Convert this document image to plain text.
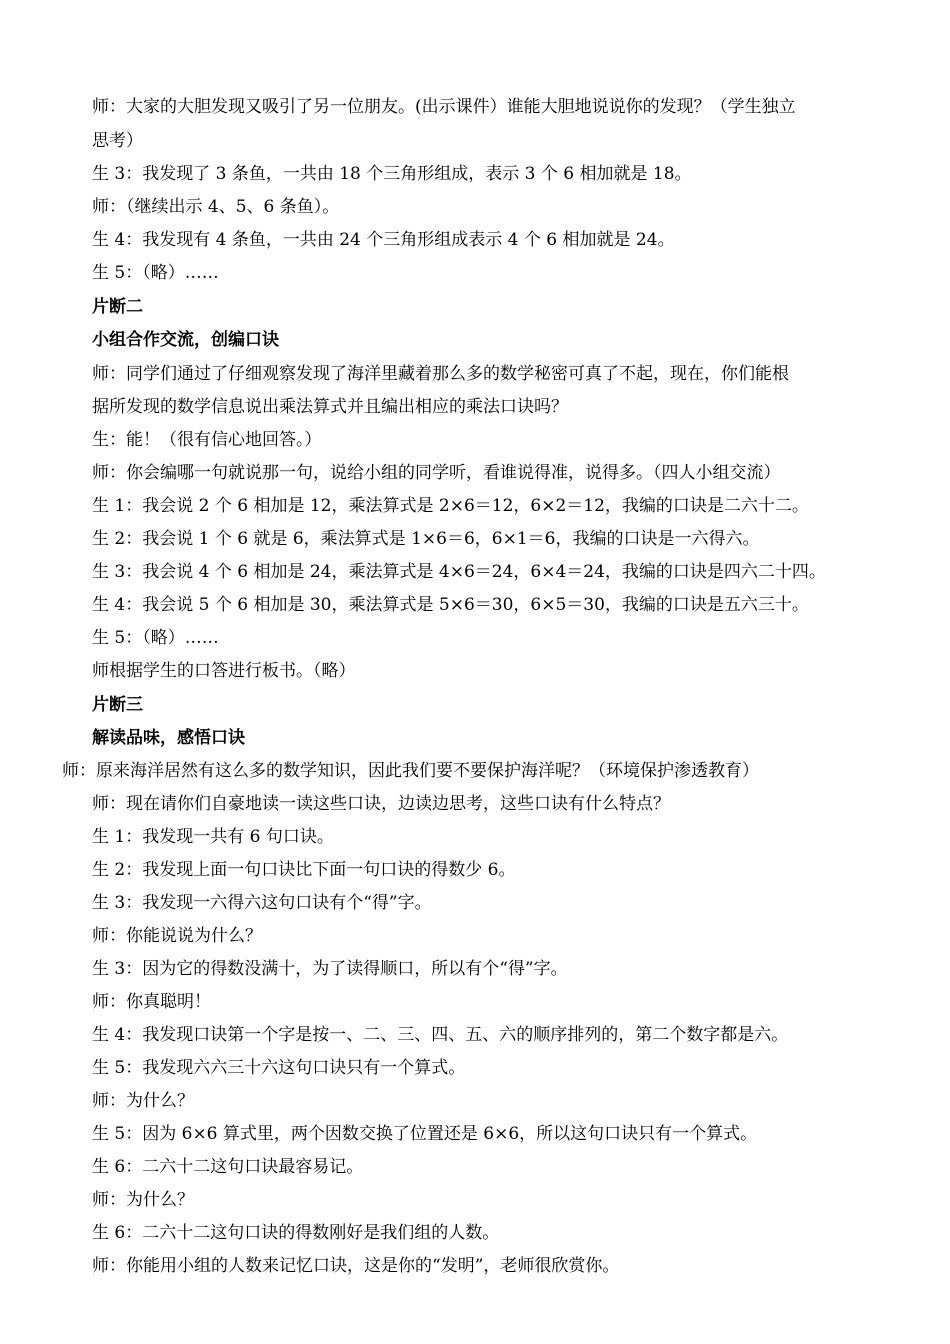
师：大家的大胆发现又吸引了另一位朋友。(出示课件）谁能大胆地说说你的发现？（学生独立
思考）
生 3：我发现了 3 条鱼，一共由 18 个三角形组成，表示 3 个 6 相加就是 18。
师：（继续出示 4、5、6 条鱼）。
生 4：我发现有 4 条鱼，一共由 24 个三角形组成表示 4 个 6 相加就是 24。
生 5：（略）……
片断二
小组合作交流，创编口诀
师：同学们通过了仔细观察发现了海洋里藏着那么多的数学秘密可真了不起，现在，你们能根
据所发现的数学信息说出乘法算式并且编出相应的乘法口诀吗？
生：能！（很有信心地回答。）
师：你会编哪一句就说那一句，说给小组的同学听，看谁说得准，说得多。（四人小组交流）
生 1：我会说 2 个 6 相加是 12，乘法算式是 2×6＝12，6×2＝12，我编的口诀是二六十二。
生 2：我会说 1 个 6 就是 6，乘法算式是 1×6＝6，6×1＝6，我编的口诀是一六得六。
生 3：我会说 4 个 6 相加是 24，乘法算式是 4×6＝24，6×4＝24，我编的口诀是四六二十四。
生 4：我会说 5 个 6 相加是 30，乘法算式是 5×6＝30，6×5＝30，我编的口诀是五六三十。
生 5：（略）……
师根据学生的口答进行板书。（略）
片断三
解读品味，感悟口诀
师：原来海洋居然有这么多的数学知识，因此我们要不要保护海洋呢？（环境保护渗透教育）
师：现在请你们自豪地读一读这些口诀，边读边思考，这些口诀有什么特点？
生 1：我发现一共有 6 句口诀。
生 2：我发现上面一句口诀比下面一句口诀的得数少 6。
生 3：我发现一六得六这句口诀有个“得”字。
师：你能说说为什么？
生 3：因为它的得数没满十，为了读得顺口，所以有个“得”字。
师：你真聪明！
生 4：我发现口诀第一个字是按一、二、三、四、五、六的顺序排列的，第二个数字都是六。
生 5：我发现六六三十六这句口诀只有一个算式。
师：为什么？
生 5：因为 6×6 算式里，两个因数交换了位置还是 6×6，所以这句口诀只有一个算式。
生 6：二六十二这句口诀最容易记。
师：为什么？
生 6：二六十二这句口诀的得数刚好是我们组的人数。
师：你能用小组的人数来记忆口诀，这是你的“发明”，老师很欣赏你。
